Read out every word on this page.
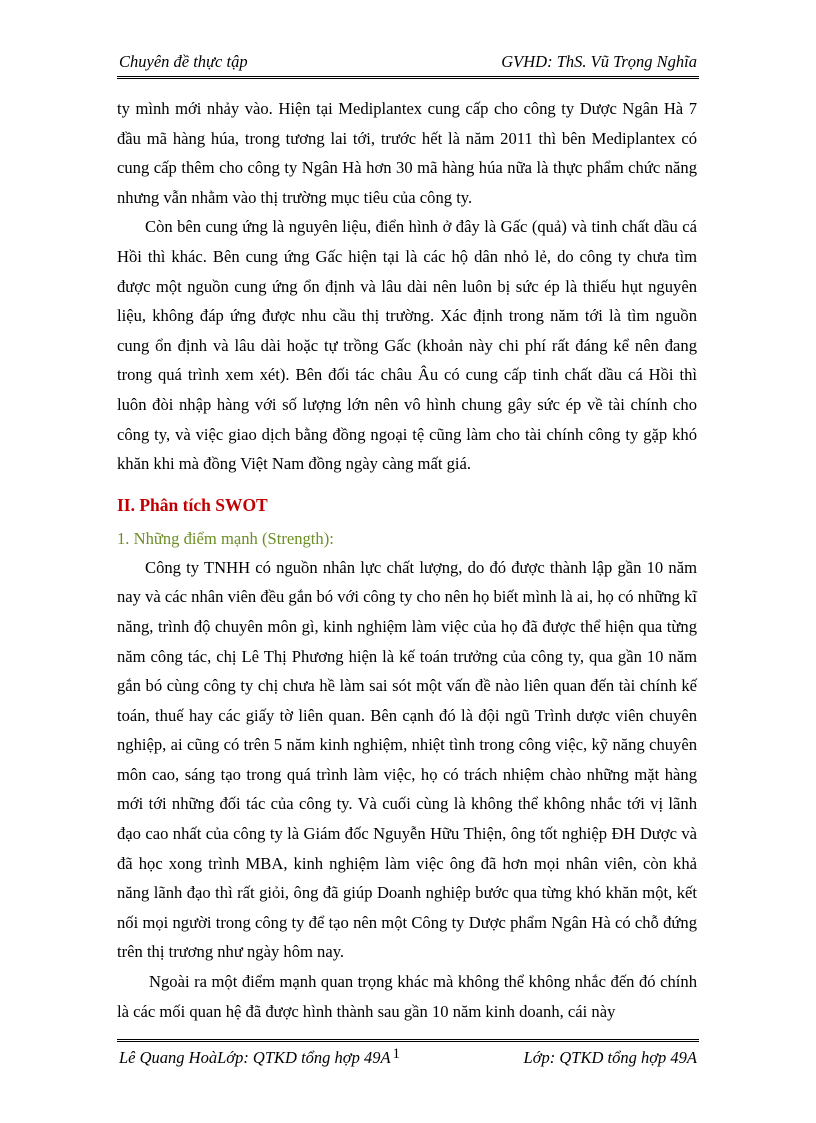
Chuyên đề thực tập	GVHD: ThS. Vũ Trọng Nghĩa

ty mình mới nhảy vào. Hiện tại Mediplantex cung cấp cho công ty Dược Ngân Hà 7 đầu mã hàng húa, trong tương lai tới, trước hết là năm 2011 thì bên Mediplantex có cung cấp thêm cho công ty Ngân Hà hơn 30 mã hàng húa nữa là thực phẩm chức năng nhưng vẫn nhằm vào thị trường mục tiêu của công ty.

Còn bên cung ứng là nguyên liệu, điển hình ở đây là Gấc (quả) và tinh chất dầu cá Hồi thì khác. Bên cung ứng Gấc hiện tại là các hộ dân nhỏ lẻ, do công ty chưa tìm được một nguồn cung ứng ổn định và lâu dài nên luôn bị sức ép là thiếu hụt nguyên liệu, không đáp ứng được nhu cầu thị trường. Xác định trong năm tới là tìm nguồn cung ổn định và lâu dài hoặc tự trồng Gấc (khoản này chi phí rất đáng kể nên đang trong quá trình xem xét). Bên đối tác châu Âu có cung cấp tinh chất dầu cá Hồi thì luôn đòi nhập hàng với số lượng lớn nên vô hình chung gây sức ép về tài chính cho công ty, và việc giao dịch bằng đồng ngoại tệ cũng làm cho tài chính công ty gặp khó khăn khi mà đồng Việt Nam đồng ngày càng mất giá.

II. Phân tích SWOT
1. Những điểm mạnh (Strength):

Công ty TNHH có nguồn nhân lực chất lượng, do đó được thành lập gần 10 năm nay và các nhân viên đều gắn bó với công ty cho nên họ biết mình là ai, họ có những kĩ năng, trình độ chuyên môn gì, kinh nghiệm làm việc của họ đã được thể hiện qua từng năm công tác, chị Lê Thị Phương hiện là kế toán trưởng của công ty, qua gần 10 năm gắn bó cùng công ty chị chưa hề làm sai sót một vấn đề nào liên quan đến tài chính kế toán, thuế hay các giấy tờ liên quan. Bên cạnh đó là đội ngũ Trình dược viên chuyên nghiệp, ai cũng có trên 5 năm kinh nghiệm, nhiệt tình trong công việc, kỹ năng chuyên môn cao, sáng tạo trong quá trình làm việc, họ có trách nhiệm chào những mặt hàng mới tới những đối tác của công ty. Và cuối cùng là không thể không nhắc tới vị lãnh đạo cao nhất của công ty là Giám đốc Nguyễn Hữu Thiện, ông tốt nghiệp ĐH Dược và đã học xong trình MBA, kinh nghiệm làm việc ông đã hơn mọi nhân viên, còn khả năng lãnh đạo thì rất giỏi, ông đã giúp Doanh nghiệp bước qua từng khó khăn một, kết nối mọi người trong công ty để tạo nên một Công ty Dược phẩm Ngân Hà có chỗ đứng trên thị trương như ngày hôm nay.

Ngoài ra một điểm mạnh quan trọng khác mà không thể không nhắc đến đó chính là các mối quan hệ đã được hình thành sau gần 10 năm kinh doanh, cái này

Lê Quang HoàLớp: QTKD tổng hợp 49A 1	Lớp: QTKD tổng hợp 49A
